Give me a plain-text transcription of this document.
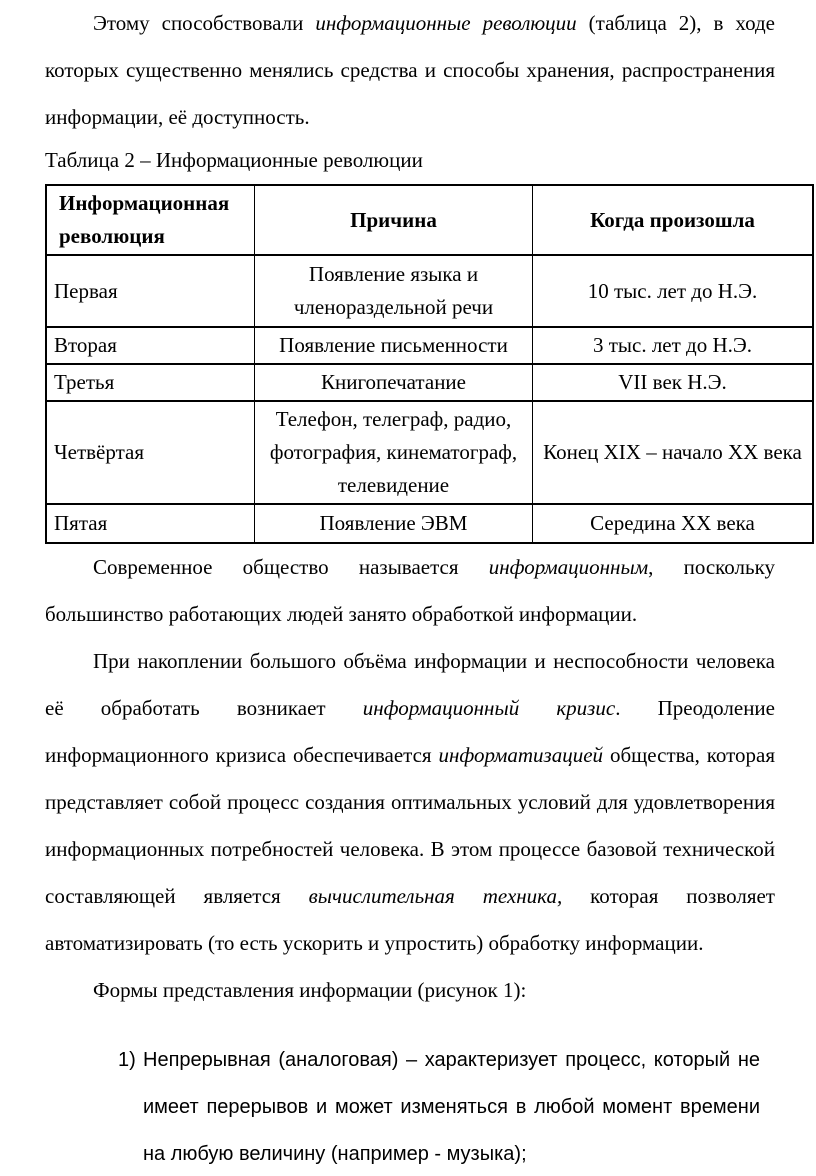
Этому способствовали информационные революции (таблица 2), в ходе которых существенно менялись средства и способы хранения, распространения информации, её доступность.

Таблица 2 – Информационные революции

Информационная революция	Причина	Когда произошла
Первая	Появление языка и членораздельной речи	10 тыс. лет до Н.Э.
Вторая	Появление письменности	3 тыс. лет до Н.Э.
Третья	Книгопечатание	VII век Н.Э.
Четвёртая	Телефон, телеграф, радио, фотография, кинематограф, телевидение	Конец XIX – начало XX века
Пятая	Появление ЭВМ	Середина XX века

Современное общество называется информационным, поскольку большинство работающих людей занято обработкой информации.

При накоплении большого объёма информации и неспособности человека её обработать возникает информационный кризис. Преодоление информационного кризиса обеспечивается информатизацией общества, которая представляет собой процесс создания оптимальных условий для удовлетворения информационных потребностей человека. В этом процессе базовой технической составляющей является вычислительная техника, которая позволяет автоматизировать (то есть ускорить и упростить) обработку информации.

Формы представления информации (рисунок 1):

1) Непрерывная (аналоговая) – характеризует процесс, который не имеет перерывов и может изменяться в любой момент времени на любую величину (например - музыка);
